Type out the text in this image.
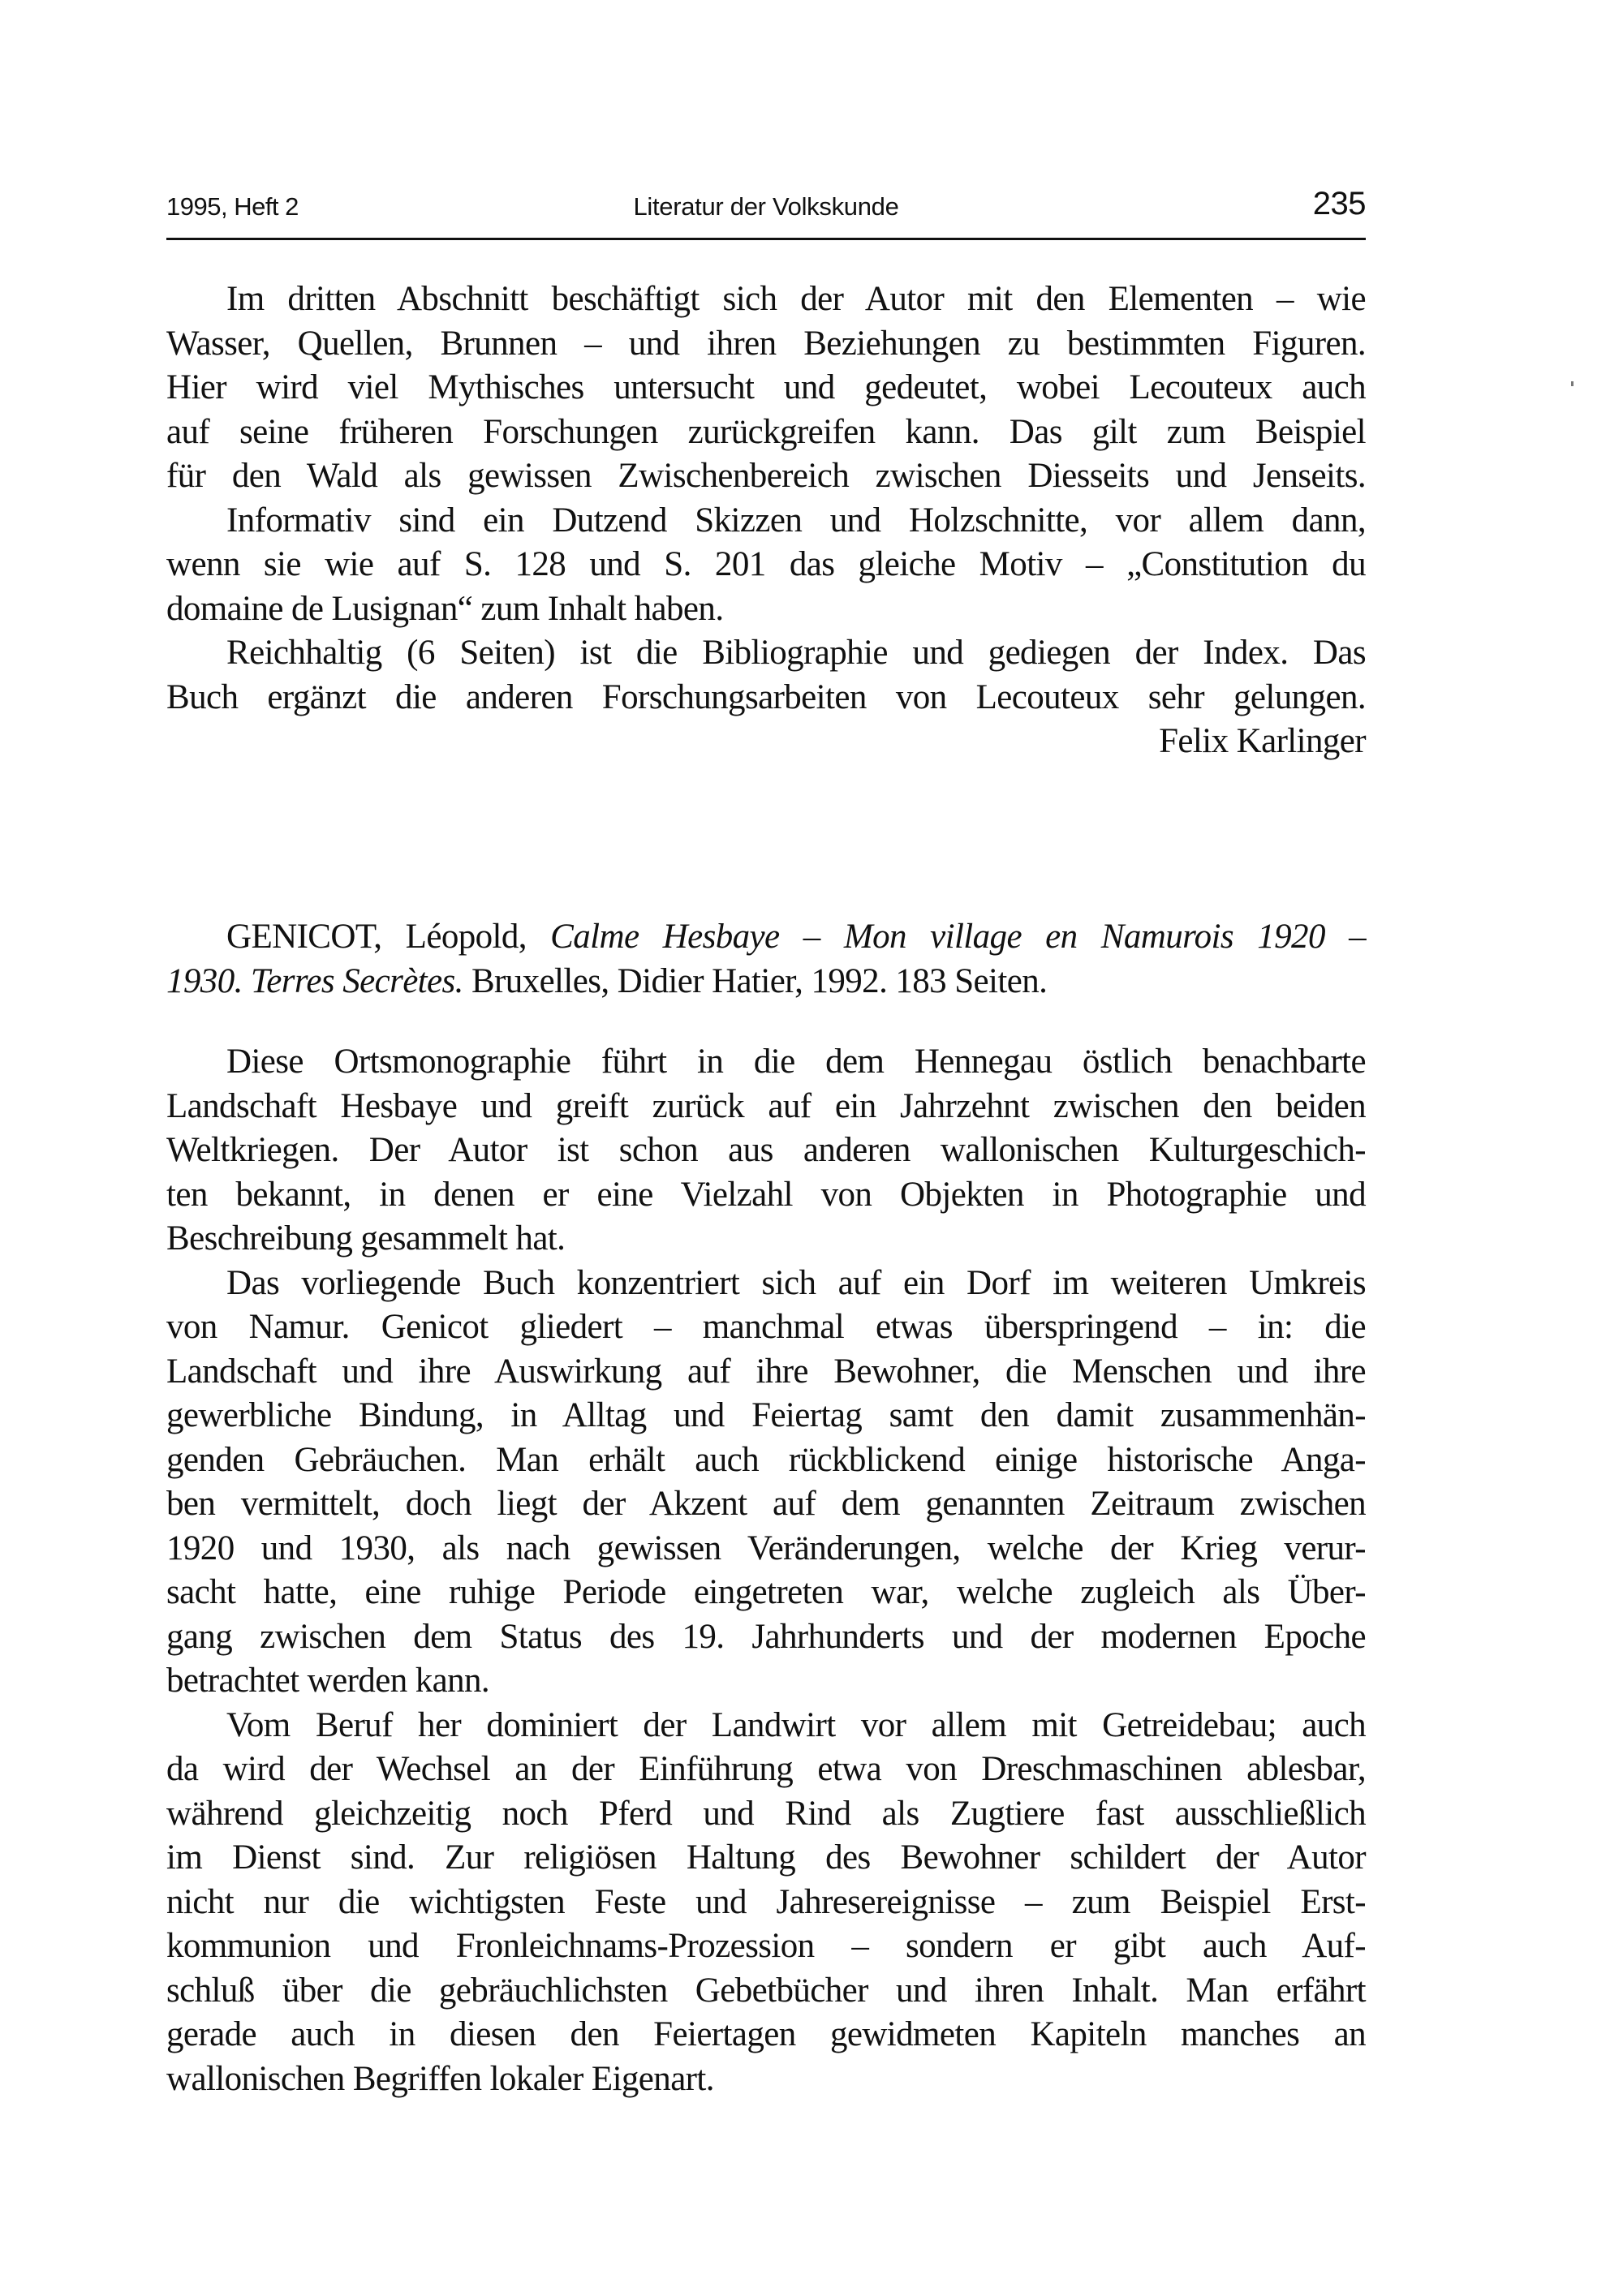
1995, Heft 2	Literatur der Volkskunde	235
Im dritten Abschnitt beschäftigt sich der Autor mit den Elementen – wie
Wasser, Quellen, Brunnen – und ihren Beziehungen zu bestimmten Figuren.
Hier wird viel Mythisches untersucht und gedeutet, wobei Lecouteux auch
auf seine früheren Forschungen zurückgreifen kann. Das gilt zum Beispiel
für den Wald als gewissen Zwischenbereich zwischen Diesseits und Jenseits.
Informativ sind ein Dutzend Skizzen und Holzschnitte, vor allem dann,
wenn sie wie auf S. 128 und S. 201 das gleiche Motiv – „Constitution du
domaine de Lusignan“ zum Inhalt haben.
Reichhaltig (6 Seiten) ist die Bibliographie und gediegen der Index. Das
Buch ergänzt die anderen Forschungsarbeiten von Lecouteux sehr gelungen.
Felix Karlinger
GENICOT, Léopold, Calme Hesbaye – Mon village en Namurois 1920 –
1930. Terres Secrètes. Bruxelles, Didier Hatier, 1992. 183 Seiten.
Diese Ortsmonographie führt in die dem Hennegau östlich benachbarte
Landschaft Hesbaye und greift zurück auf ein Jahrzehnt zwischen den beiden
Weltkriegen. Der Autor ist schon aus anderen wallonischen Kulturgeschich-
ten bekannt, in denen er eine Vielzahl von Objekten in Photographie und
Beschreibung gesammelt hat.
Das vorliegende Buch konzentriert sich auf ein Dorf im weiteren Umkreis
von Namur. Genicot gliedert – manchmal etwas überspringend – in: die
Landschaft und ihre Auswirkung auf ihre Bewohner, die Menschen und ihre
gewerbliche Bindung, in Alltag und Feiertag samt den damit zusammenhän-
genden Gebräuchen. Man erhält auch rückblickend einige historische Anga-
ben vermittelt, doch liegt der Akzent auf dem genannten Zeitraum zwischen
1920 und 1930, als nach gewissen Veränderungen, welche der Krieg verur-
sacht hatte, eine ruhige Periode eingetreten war, welche zugleich als Über-
gang zwischen dem Status des 19. Jahrhunderts und der modernen Epoche
betrachtet werden kann.
Vom Beruf her dominiert der Landwirt vor allem mit Getreidebau; auch
da wird der Wechsel an der Einführung etwa von Dreschmaschinen ablesbar,
während gleichzeitig noch Pferd und Rind als Zugtiere fast ausschließlich
im Dienst sind. Zur religiösen Haltung des Bewohner schildert der Autor
nicht nur die wichtigsten Feste und Jahresereignisse – zum Beispiel Erst-
kommunion und Fronleichnams-Prozession – sondern er gibt auch Auf-
schluß über die gebräuchlichsten Gebetbücher und ihren Inhalt. Man erfährt
gerade auch in diesen den Feiertagen gewidmeten Kapiteln manches an
wallonischen Begriffen lokaler Eigenart.
